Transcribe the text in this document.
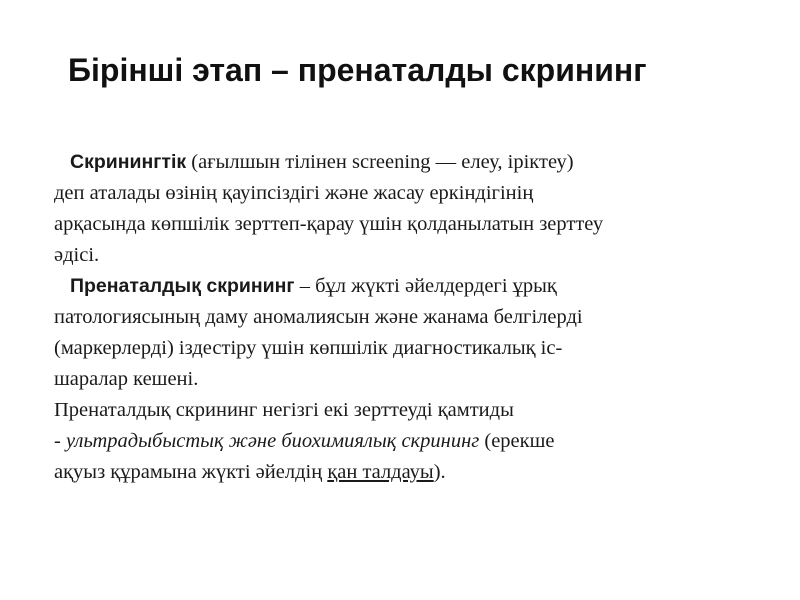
Бірінші этап – пренаталды скрининг
Скринингтік (ағылшын тілінен screening — елеу, іріктеу)
деп аталады өзінің қауіпсіздігі және жасау еркіндігінің
арқасында көпшілік зерттеп-қарау үшін қолданылатын зерттеу
әдісі.
Пренаталдық скрининг – бұл жүкті әйелдердегі ұрық
патологиясының даму аномалиясын және жанама белгілерді
(маркерлерді) іздестіру үшін көпшілік диагностикалық іс-
шаралар кешені.
Пренаталдық скрининг негізгі екі зерттеуді қамтиды
- ультрадыбыстық және биохимиялық скрининг (ерекше
ақуыз құрамына жүкті әйелдің қан талдауы).
